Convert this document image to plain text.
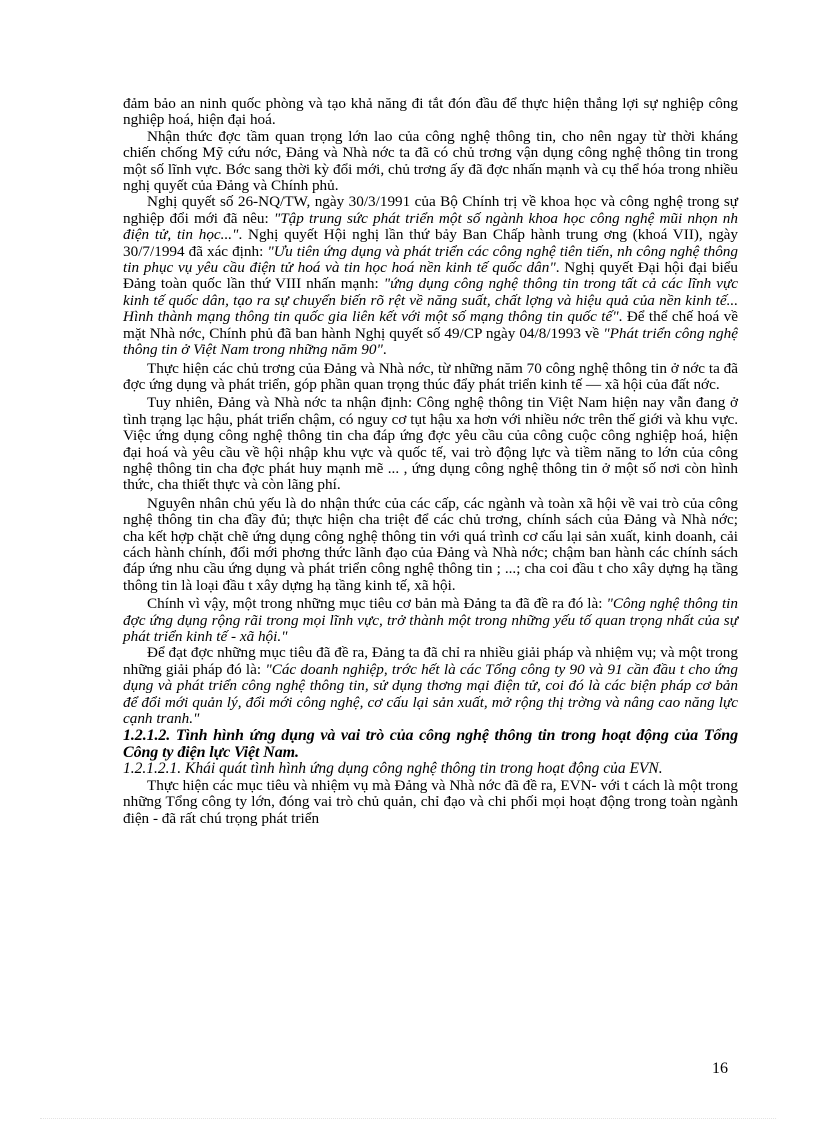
đảm bảo an ninh quốc phòng và tạo khả năng đi tắt đón đầu để thực hiện thắng lợi sự nghiệp công nghiệp hoá, hiện đại hoá.

Nhận thức đợc tầm quan trọng lớn lao của công nghệ thông tin, cho nên ngay từ thời kháng chiến chống Mỹ cứu nớc, Đảng và Nhà nớc ta đã có chủ trơng vận dụng công nghệ thông tin trong một số lĩnh vực. Bớc sang thời kỳ đổi mới, chủ trơng ấy đã đợc nhấn mạnh và cụ thể hóa trong nhiều nghị quyết của Đảng và Chính phủ.

Nghị quyết số 26-NQ/TW, ngày 30/3/1991 của Bộ Chính trị về khoa học và công nghệ trong sự nghiệp đổi mới đã nêu: "Tập trung sức phát triển một số ngành khoa học công nghệ mũi nhọn nh điện tử, tin học...". Nghị quyết Hội nghị lần thứ bảy Ban Chấp hành trung ơng (khoá VII), ngày 30/7/1994 đã xác định: "Ưu tiên ứng dụng và phát triển các công nghệ tiên tiến, nh công nghệ thông tin phục vụ yêu cầu điện tử hoá và tin học hoá nền kinh tế quốc dân". Nghị quyết Đại hội đại biểu Đảng toàn quốc lần thứ VIII nhấn mạnh: "ứng dụng công nghệ thông tin trong tất cả các lĩnh vực kinh tế quốc dân, tạo ra sự chuyển biến rõ rệt về năng suất, chất lợng và hiệu quả của nền kinh tế... Hình thành mạng thông tin quốc gia liên kết với một số mạng thông tin quốc tế". Để thể chế hoá về mặt Nhà nớc, Chính phủ đã ban hành Nghị quyết số 49/CP ngày 04/8/1993 về "Phát triển công nghệ thông tin ở Việt Nam trong những năm 90".

Thực hiện các chủ trơng của Đảng và Nhà nớc, từ những năm 70 công nghệ thông tin ở nớc ta đã đợc ứng dụng và phát triển, góp phần quan trọng thúc đẩy phát triển kinh tế — xã hội của đất nớc.

Tuy nhiên, Đảng và Nhà nớc ta nhận định: Công nghệ thông tin Việt Nam hiện nay vẫn đang ở tình trạng lạc hậu, phát triển chậm, có nguy cơ tụt hậu xa hơn với nhiều nớc trên thế giới và khu vực. Việc ứng dụng công nghệ thông tin cha đáp ứng đợc yêu cầu của công cuộc công nghiệp hoá, hiện đại hoá và yêu cầu về hội nhập khu vực và quốc tế, vai trò động lực và tiềm năng to lớn của công nghệ thông tin cha đợc phát huy mạnh mẽ ... , ứng dụng công nghệ thông tin ở một số nơi còn hình thức, cha thiết thực và còn lãng phí.

Nguyên nhân chủ yếu là do nhận thức của các cấp, các ngành và toàn xã hội về vai trò của công nghệ thông tin cha đầy đủ; thực hiện cha triệt để các chủ trơng, chính sách của Đảng và Nhà nớc; cha kết hợp chặt chẽ ứng dụng công nghệ thông tin với quá trình cơ cấu lại sản xuất, kinh doanh, cải cách hành chính, đổi mới phơng thức lãnh đạo của Đảng và Nhà nớc; chậm ban hành các chính sách đáp ứng nhu cầu ứng dụng và phát triển công nghệ thông tin ; ...; cha coi đầu t cho xây dựng hạ tầng thông tin là loại đầu t xây dựng hạ tầng kinh tế, xã hội.

Chính vì vậy, một trong những mục tiêu cơ bản mà Đảng ta đã đề ra đó là: "Công nghệ thông tin đợc ứng dụng rộng rãi trong mọi lĩnh vực, trở thành một trong những yếu tố quan trọng nhất của sự phát triển kinh tế - xã hội."

Để đạt đợc những mục tiêu đã đề ra, Đảng ta đã chỉ ra nhiều giải pháp và nhiệm vụ; và một trong những giải pháp đó là: "Các doanh nghiệp, trớc hết là các Tổng công ty 90 và 91 cần đầu t cho ứng dụng và phát triển công nghệ thông tin, sử dụng thơng mại điện tử, coi đó là các biện pháp cơ bản để đổi mới quản lý, đổi mới công nghệ, cơ cấu lại sản xuất, mở rộng thị trờng và nâng cao năng lực cạnh tranh."

1.2.1.2. Tình hình ứng dụng và vai trò của công nghệ thông tin trong hoạt động của Tổng Công ty điện lực Việt Nam.

1.2.1.2.1. Khái quát tình hình ứng dụng công nghệ thông tin trong hoạt động của EVN.

Thực hiện các mục tiêu và nhiệm vụ mà Đảng và Nhà nớc đã đề ra, EVN- với t cách là một trong những Tổng công ty lớn, đóng vai trò chủ quản, chỉ đạo và chi phối mọi hoạt động trong toàn ngành điện - đã rất chú trọng phát triển

16
